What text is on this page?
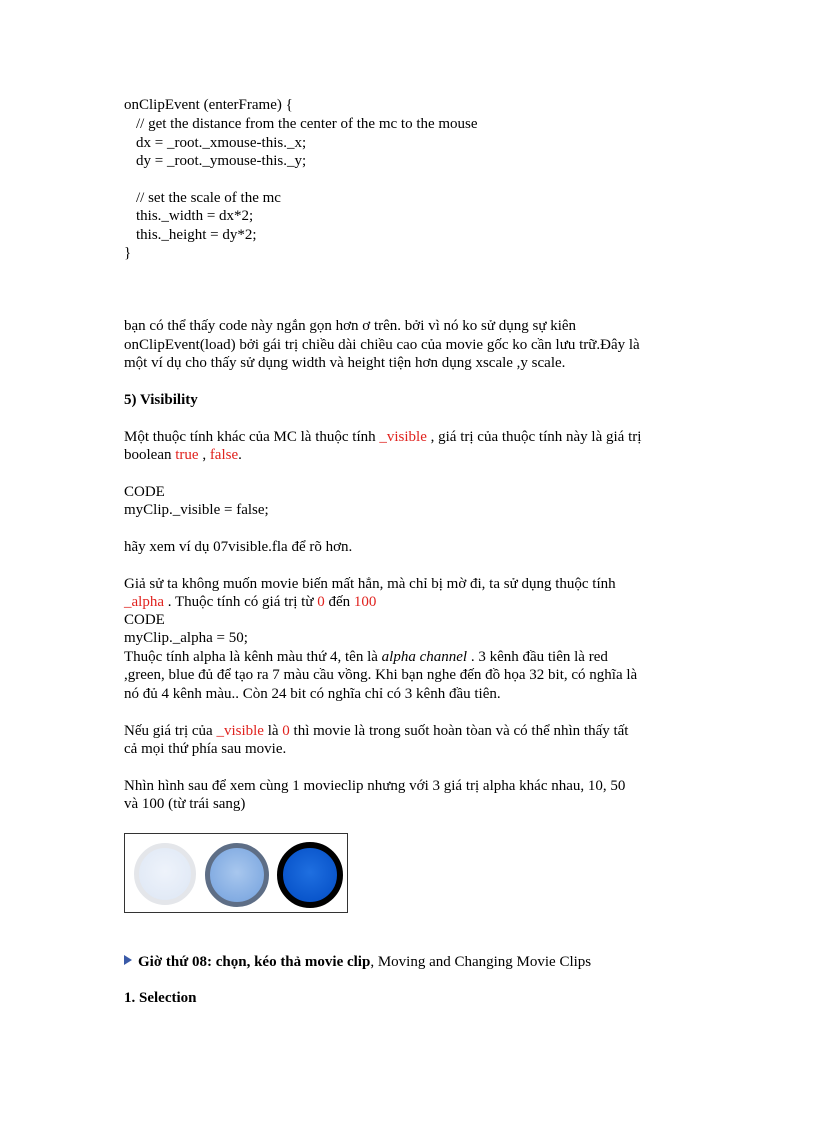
onClipEvent (enterFrame) {
// get the distance from the center of the mc to the mouse
dx = _root._xmouse-this._x;
dy = _root._ymouse-this._y;
// set the scale of the mc
this._width = dx*2;
this._height = dy*2;
}
bạn có thể thấy code này ngắn gọn hơn ơ trên. bởi vì nó ko sử dụng sự kiên
onClipEvent(load) bởi gái trị chiều dài chiều cao của movie gốc ko cần lưu trữ.Đây là
một ví dụ cho thấy sử dụng width và height tiện hơn dụng xscale ,y scale.
5) Visibility
Một thuộc tính khác của MC là thuộc tính _visible , giá trị của thuộc tính này là giá trị
boolean true , false.
CODE
myClip._visible = false;
hãy xem ví dụ 07visible.fla để rõ hơn.
Giả sử ta không muốn movie biến mất hẳn, mà chỉ bị mờ đi, ta sử dụng thuộc tính
_alpha . Thuộc tính có giá trị từ 0 đến 100
CODE
myClip._alpha = 50;
Thuộc tính alpha là kênh màu thứ 4, tên là alpha channel . 3 kênh đầu tiên là red
,green, blue đủ để tạo ra 7 màu cầu vồng. Khi bạn nghe đến đồ họa 32 bit, có nghĩa là
nó đủ 4 kênh màu.. Còn 24 bit có nghĩa chỉ có 3 kênh đầu tiên.
Nếu giá trị của _visible là 0 thì movie là trong suốt hoàn tòan và có thể nhìn thấy tất
cả mọi thứ phía sau movie.
Nhìn hình sau để xem cùng 1 movieclip nhưng với 3 giá trị alpha khác nhau, 10, 50
và 100 (từ trái sang)
Giờ thứ 08: chọn, kéo thả movie clip, Moving and Changing Movie Clips
1. Selection
